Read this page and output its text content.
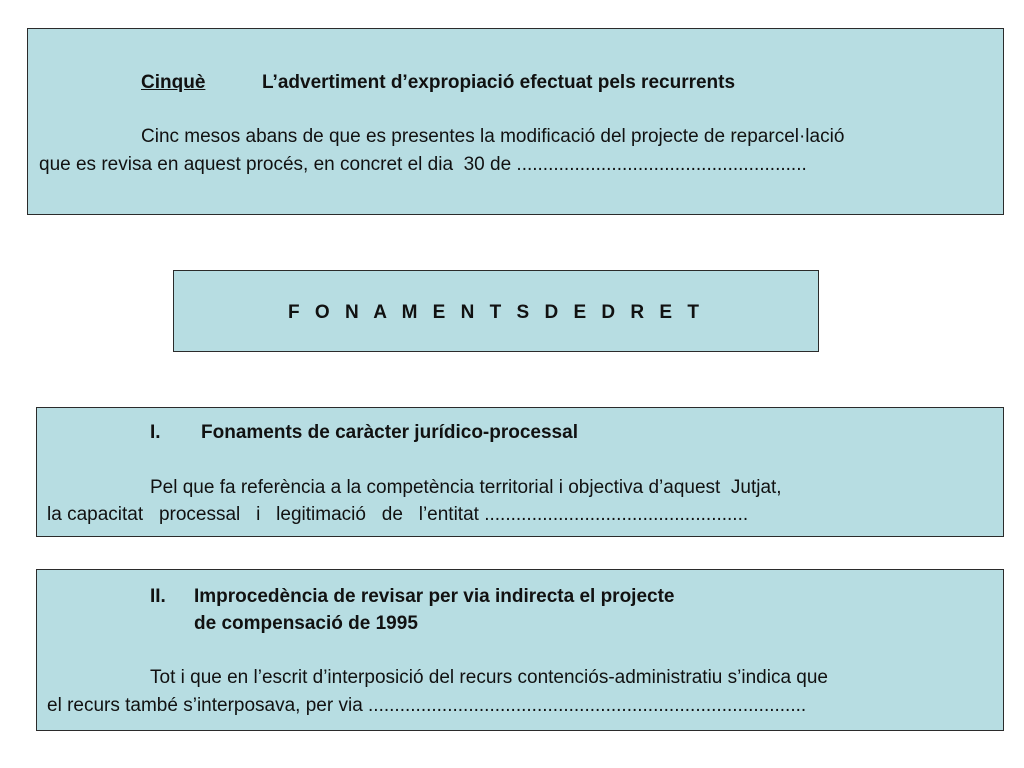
Cinquè	L’advertiment d’expropiació efectuat pels recurrents
Cinc mesos abans de que es presentes la modificació del projecte de reparcel·lació
que es revisa en aquest procés, en concret el dia  30 de .......................................................
F O N A M E N T S D E D R E T
I. Fonaments de caràcter jurídico-processal
Pel que fa referència a la competència territorial i objectiva d’aquest  Jutjat,
la capacitat   processal   i   legitimació   de   l’entitat ..................................................
II. Improcedència de revisar per via indirecta el projecte
de compensació de 1995
Tot i que en l’escrit d’interposició del recurs contenciós-administratiu s’indica que
el recurs també s’interposava, per via ...................................................................................
